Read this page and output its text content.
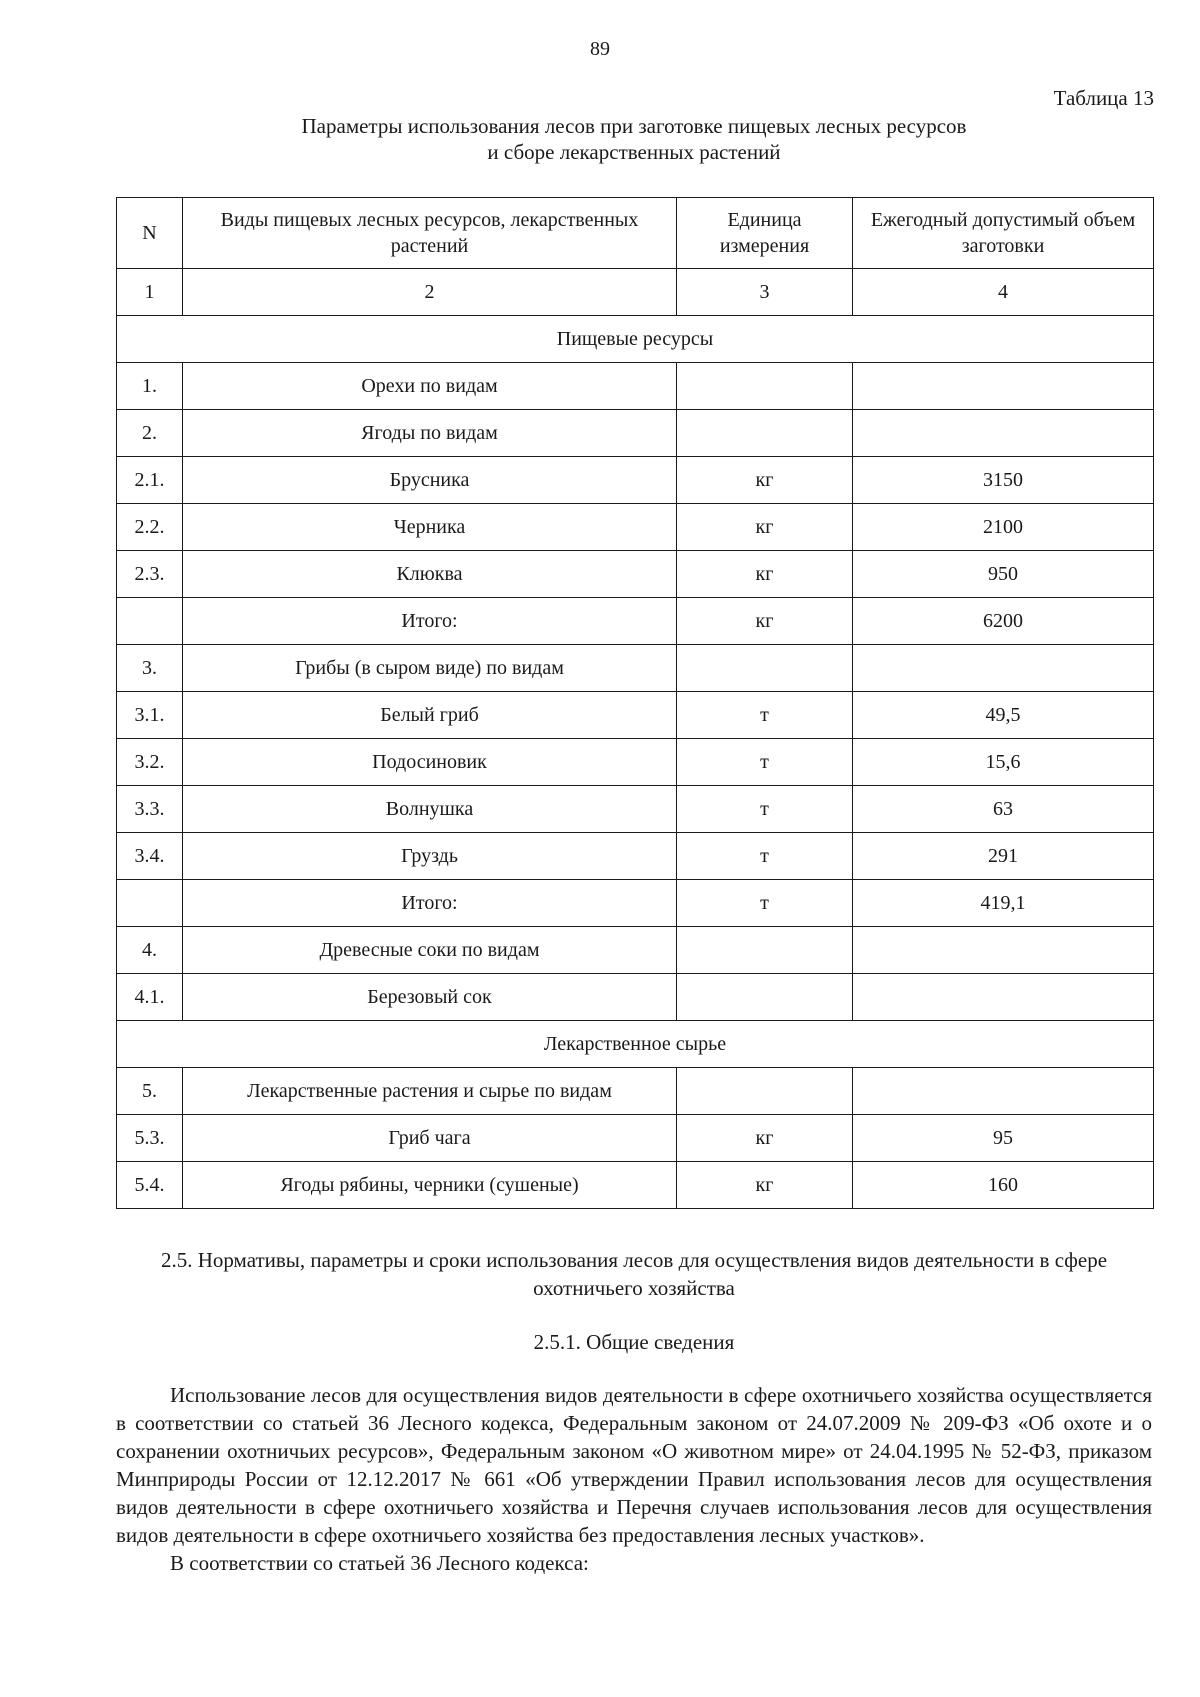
89
Таблица 13
Параметры использования лесов при заготовке пищевых лесных ресурсов
и сборе лекарственных растений
N	Виды пищевых лесных ресурсов, лекарственных растений	Единица измерения	Ежегодный допустимый объем заготовки
1	2	3	4
Пищевые ресурсы			
1.	Орехи по видам		
2.	Ягоды по видам		
2.1.	Брусника	кг	3150
2.2.	Черника	кг	2100
2.3.	Клюква	кг	950
	Итого:	кг	6200
3.	Грибы (в сыром виде) по видам		
3.1.	Белый гриб	т	49,5
3.2.	Подосиновик	т	15,6
3.3.	Волнушка	т	63
3.4.	Груздь	т	291
	Итого:	т	419,1
4.	Древесные соки по видам		
4.1.	Березовый сок		
Лекарственное сырье			
5.	Лекарственные растения и сырье по видам		
5.3.	Гриб чага	кг	95
5.4.	Ягоды рябины, черники (сушеные)	кг	160
2.5. Нормативы, параметры и сроки использования лесов для осуществления видов деятельности в сфере охотничьего хозяйства
2.5.1. Общие сведения

Использование лесов для осуществления видов деятельности в сфере охотничьего хозяйства осуществляется в соответствии со статьей 36 Лесного кодекса, Федеральным законом от 24.07.2009 № 209-ФЗ «Об охоте и о сохранении охотничьих ресурсов», Федеральным законом «О животном мире» от 24.04.1995 № 52-ФЗ, приказом Минприроды России от 12.12.2017 № 661 «Об утверждении Правил использования лесов для осуществления видов деятельности в сфере охотничьего хозяйства и Перечня случаев использования лесов для осуществления видов деятельности в сфере охотничьего хозяйства без предоставления лесных участков».

В соответствии со статьей 36 Лесного кодекса:
